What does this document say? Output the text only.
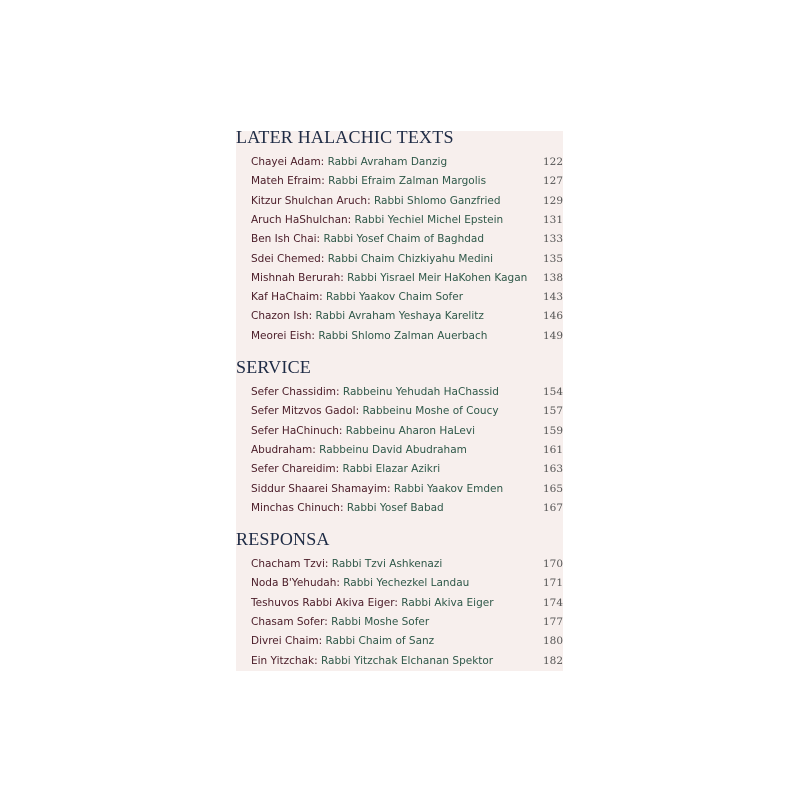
LATER HALACHIC TEXTS
Chayei Adam: Rabbi Avraham Danzig	122
Mateh Efraim: Rabbi Efraim Zalman Margolis	127
Kitzur Shulchan Aruch: Rabbi Shlomo Ganzfried	129
Aruch HaShulchan: Rabbi Yechiel Michel Epstein	131
Ben Ish Chai: Rabbi Yosef Chaim of Baghdad	133
Sdei Chemed: Rabbi Chaim Chizkiyahu Medini	135
Mishnah Berurah: Rabbi Yisrael Meir HaKohen Kagan 138
Kaf HaChaim: Rabbi Yaakov Chaim Sofer	143
Chazon Ish: Rabbi Avraham Yeshaya Karelitz	146
Meorei Eish: Rabbi Shlomo Zalman Auerbach	149
SERVICE
Sefer Chassidim: Rabbeinu Yehudah HaChassid	154
Sefer Mitzvos Gadol: Rabbeinu Moshe of Coucy	157
Sefer HaChinuch: Rabbeinu Aharon HaLevi	159
Abudraham: Rabbeinu David Abudraham	161
Sefer Chareidim: Rabbi Elazar Azikri	163
Siddur Shaarei Shamayim: Rabbi Yaakov Emden	165
Minchas Chinuch: Rabbi Yosef Babad	167
RESPONSA
Chacham Tzvi: Rabbi Tzvi Ashkenazi	170
Noda B'Yehudah: Rabbi Yechezkel Landau	171
Teshuvos Rabbi Akiva Eiger: Rabbi Akiva Eiger	174
Chasam Sofer: Rabbi Moshe Sofer	177
Divrei Chaim: Rabbi Chaim of Sanz	180
Ein Yitzchak: Rabbi Yitzchak Elchanan Spektor	182
